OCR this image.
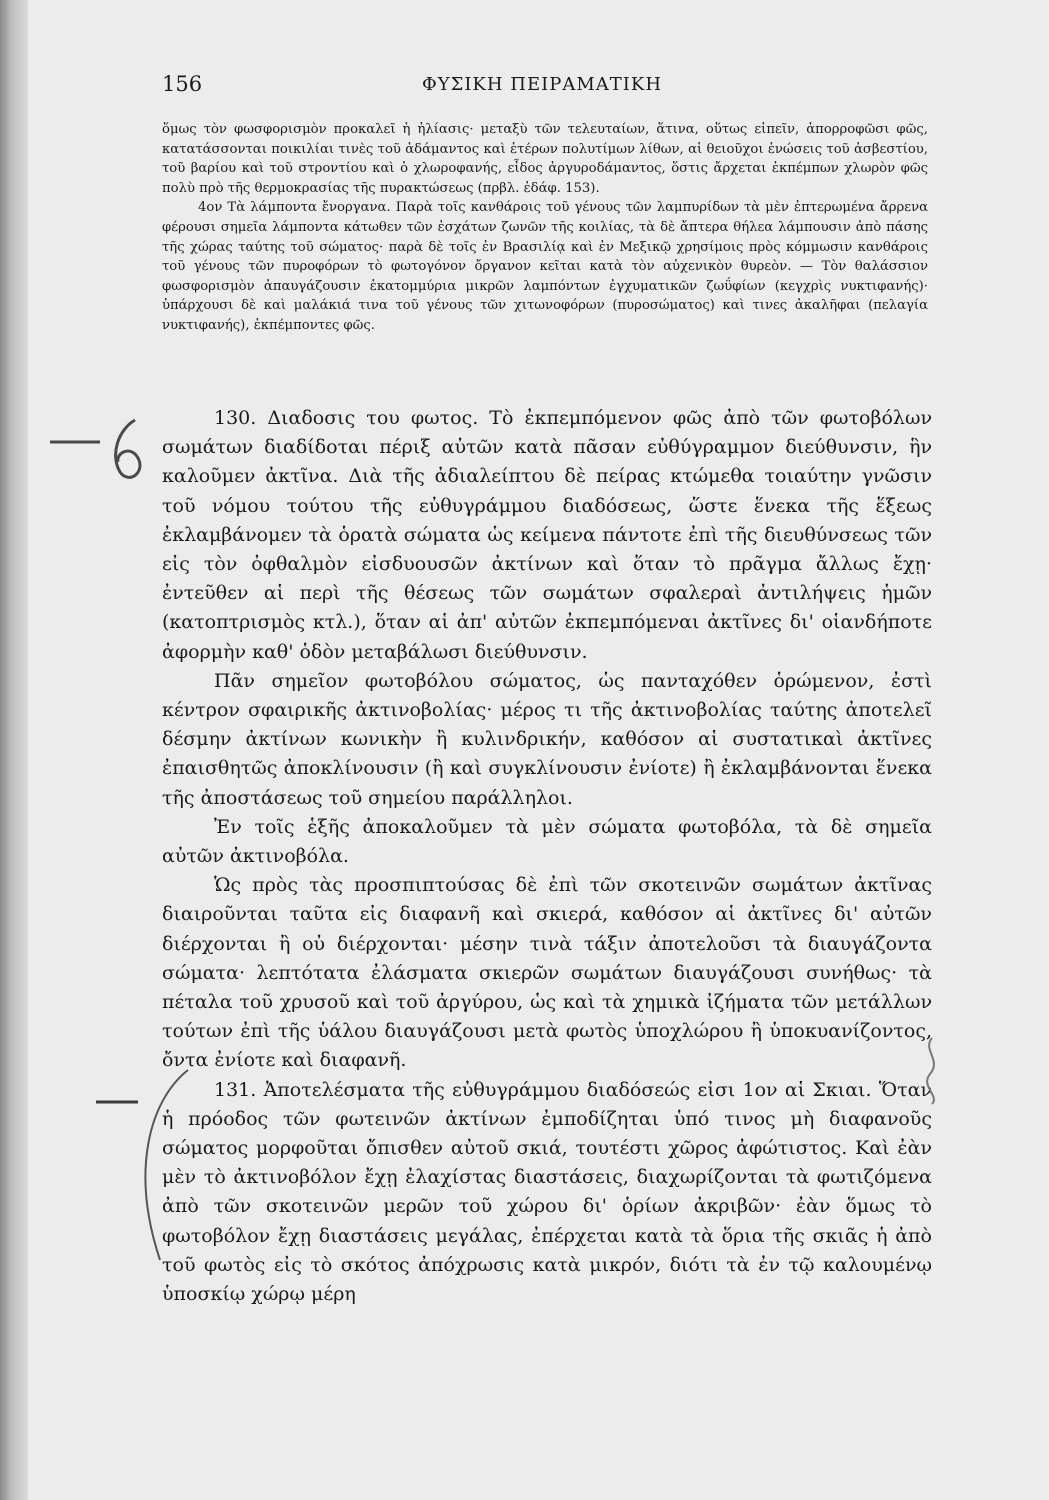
156	ΦΥΣΙΚΗ ΠΕΙΡΑΜΑΤΙΚΗ

ὅμως τὸν φωσφορισμὸν προκαλεῖ ἡ ἡλίασις· μεταξὺ τῶν τελευταίων, ἅτινα, οὕτως εἰπεῖν, ἀπορροφῶσι φῶς, κατατάσσονται ποικιλίαι τινὲς τοῦ ἀδάμαντος καὶ ἑτέρων πολυτίμων λίθων, αἱ θειοῦχοι ἑνώσεις τοῦ ἀσβεστίου, τοῦ βαρίου καὶ τοῦ στροντίου καὶ ὁ χλωροφανής, εἶδος ἀργυροδάμαντος, ὅστις ἄρχεται ἐκπέμπων χλωρὸν φῶς πολὺ πρὸ τῆς θερμοκρασίας τῆς πυρακτώσεως (πρβλ. ἐδάφ. 153).

4ον Τὰ λάμποντα ἔνοργανα. Παρὰ τοῖς κανθάροις τοῦ γένους τῶν λαμπυρίδων τὰ μὲν ἐπτερωμένα ἄρρενα φέρουσι σημεῖα λάμποντα κάτωθεν τῶν ἐσχάτων ζωνῶν τῆς κοιλίας, τὰ δὲ ἄπτερα θήλεα λάμπουσιν ἀπὸ πάσης τῆς χώρας ταύτης τοῦ σώματος· παρὰ δὲ τοῖς ἐν Βρασιλίᾳ καὶ ἐν Μεξικῷ χρησίμοις πρὸς κόμμωσιν κανθάροις τοῦ γένους τῶν πυροφόρων τὸ φωτογόνον ὄργανον κεῖται κατὰ τὸν αὐχενικὸν θυρεὸν. — Τὸν θαλάσσιον φωσφορισμὸν ἀπαυγάζουσιν ἑκατομμύρια μικρῶν λαμπόντων ἐγχυματικῶν ζωΰφίων (κεγχρὶς νυκτιφανής)· ὑπάρχουσι δὲ καὶ μαλάκιά τινα τοῦ γένους τῶν χιτωνοφόρων (πυροσώματος) καὶ τινες ἀκαλῆφαι (πελαγία νυκτιφανής), ἐκπέμποντες φῶς.

130. Διαδοσις του φωτος. Τὸ ἐκπεμπόμενον φῶς ἀπὸ τῶν φωτοβόλων σωμάτων διαδίδοται πέριξ αὐτῶν κατὰ πᾶσαν εὐθύγραμμον διεύθυνσιν, ἣν καλοῦμεν ἀκτῖνα. Διὰ τῆς ἀδιαλείπτου δὲ πείρας κτώμεθα τοιαύτην γνῶσιν τοῦ νόμου τούτου τῆς εὐθυγράμμου διαδόσεως, ὥστε ἕνεκα τῆς ἕξεως ἐκλαμβάνομεν τὰ ὁρατὰ σώματα ὡς κείμενα πάντοτε ἐπὶ τῆς διευθύνσεως τῶν εἰς τὸν ὀφθαλμὸν εἰσδυουσῶν ἀκτίνων καὶ ὅταν τὸ πρᾶγμα ἄλλως ἔχῃ· ἐντεῦθεν αἱ περὶ τῆς θέσεως τῶν σωμάτων σφαλεραὶ ἀντιλήψεις ἡμῶν (κατοπτρισμὸς κτλ.), ὅταν αἱ ἀπ' αὐτῶν ἐκπεμπόμεναι ἀκτῖνες δι' οἱανδήποτε ἀφορμὴν καθ' ὁδὸν μεταβάλωσι διεύθυνσιν.

Πᾶν σημεῖον φωτοβόλου σώματος, ὡς πανταχόθεν ὁρώμενον, ἐστὶ κέντρον σφαιρικῆς ἀκτινοβολίας· μέρος τι τῆς ἀκτινοβολίας ταύτης ἀποτελεῖ δέσμην ἀκτίνων κωνικὴν ἢ κυλινδρικήν, καθόσον αἱ συστατικαὶ ἀκτῖνες ἐπαισθητῶς ἀποκλίνουσιν (ἢ καὶ συγκλίνουσιν ἐνίοτε) ἢ ἐκλαμβάνονται ἕνεκα τῆς ἀποστάσεως τοῦ σημείου παράλληλοι.

Ἐν τοῖς ἑξῆς ἀποκαλοῦμεν τὰ μὲν σώματα φωτοβόλα, τὰ δὲ σημεῖα αὐτῶν ἀκτινοβόλα.

Ὡς πρὸς τὰς προσπιπτούσας δὲ ἐπὶ τῶν σκοτεινῶν σωμάτων ἀκτῖνας διαιροῦνται ταῦτα εἰς διαφανῆ καὶ σκιερά, καθόσον αἱ ἀκτῖνες δι' αὐτῶν διέρχονται ἢ οὐ διέρχονται· μέσην τινὰ τάξιν ἀποτελοῦσι τὰ διαυγάζοντα σώματα· λεπτότατα ἐλάσματα σκιερῶν σωμάτων διαυγάζουσι συνήθως· τὰ πέταλα τοῦ χρυσοῦ καὶ τοῦ ἀργύρου, ὡς καὶ τὰ χημικὰ ἰζήματα τῶν μετάλλων τούτων ἐπὶ τῆς ὑάλου διαυγάζουσι μετὰ φωτὸς ὑποχλώρου ἢ ὑποκυανίζοντος, ὄντα ἐνίοτε καὶ διαφανῆ.

131. Ἀποτελέσματα τῆς εὐθυγράμμου διαδόσεώς εἰσι 1ον αἱ Σκιαι. Ὅταν ἡ πρόοδος τῶν φωτεινῶν ἀκτίνων ἐμποδίζηται ὑπό τινος μὴ διαφανοῦς σώματος μορφοῦται ὄπισθεν αὐτοῦ σκιά, τουτέστι χῶρος ἀφώτιστος. Καὶ ἐὰν μὲν τὸ ἀκτινοβόλον ἔχῃ ἐλαχίστας διαστάσεις, διαχωρίζονται τὰ φωτιζόμενα ἀπὸ τῶν σκοτεινῶν μερῶν τοῦ χώρου δι' ὁρίων ἀκριβῶν· ἐὰν ὅμως τὸ φωτοβόλον ἔχῃ διαστάσεις μεγάλας, ἐπέρχεται κατὰ τὰ ὅρια τῆς σκιᾶς ἡ ἀπὸ τοῦ φωτὸς εἰς τὸ σκότος ἀπόχρωσις κατὰ μικρόν, διότι τὰ ἐν τῷ καλουμένῳ ὑποσκίῳ χώρῳ μέρη
